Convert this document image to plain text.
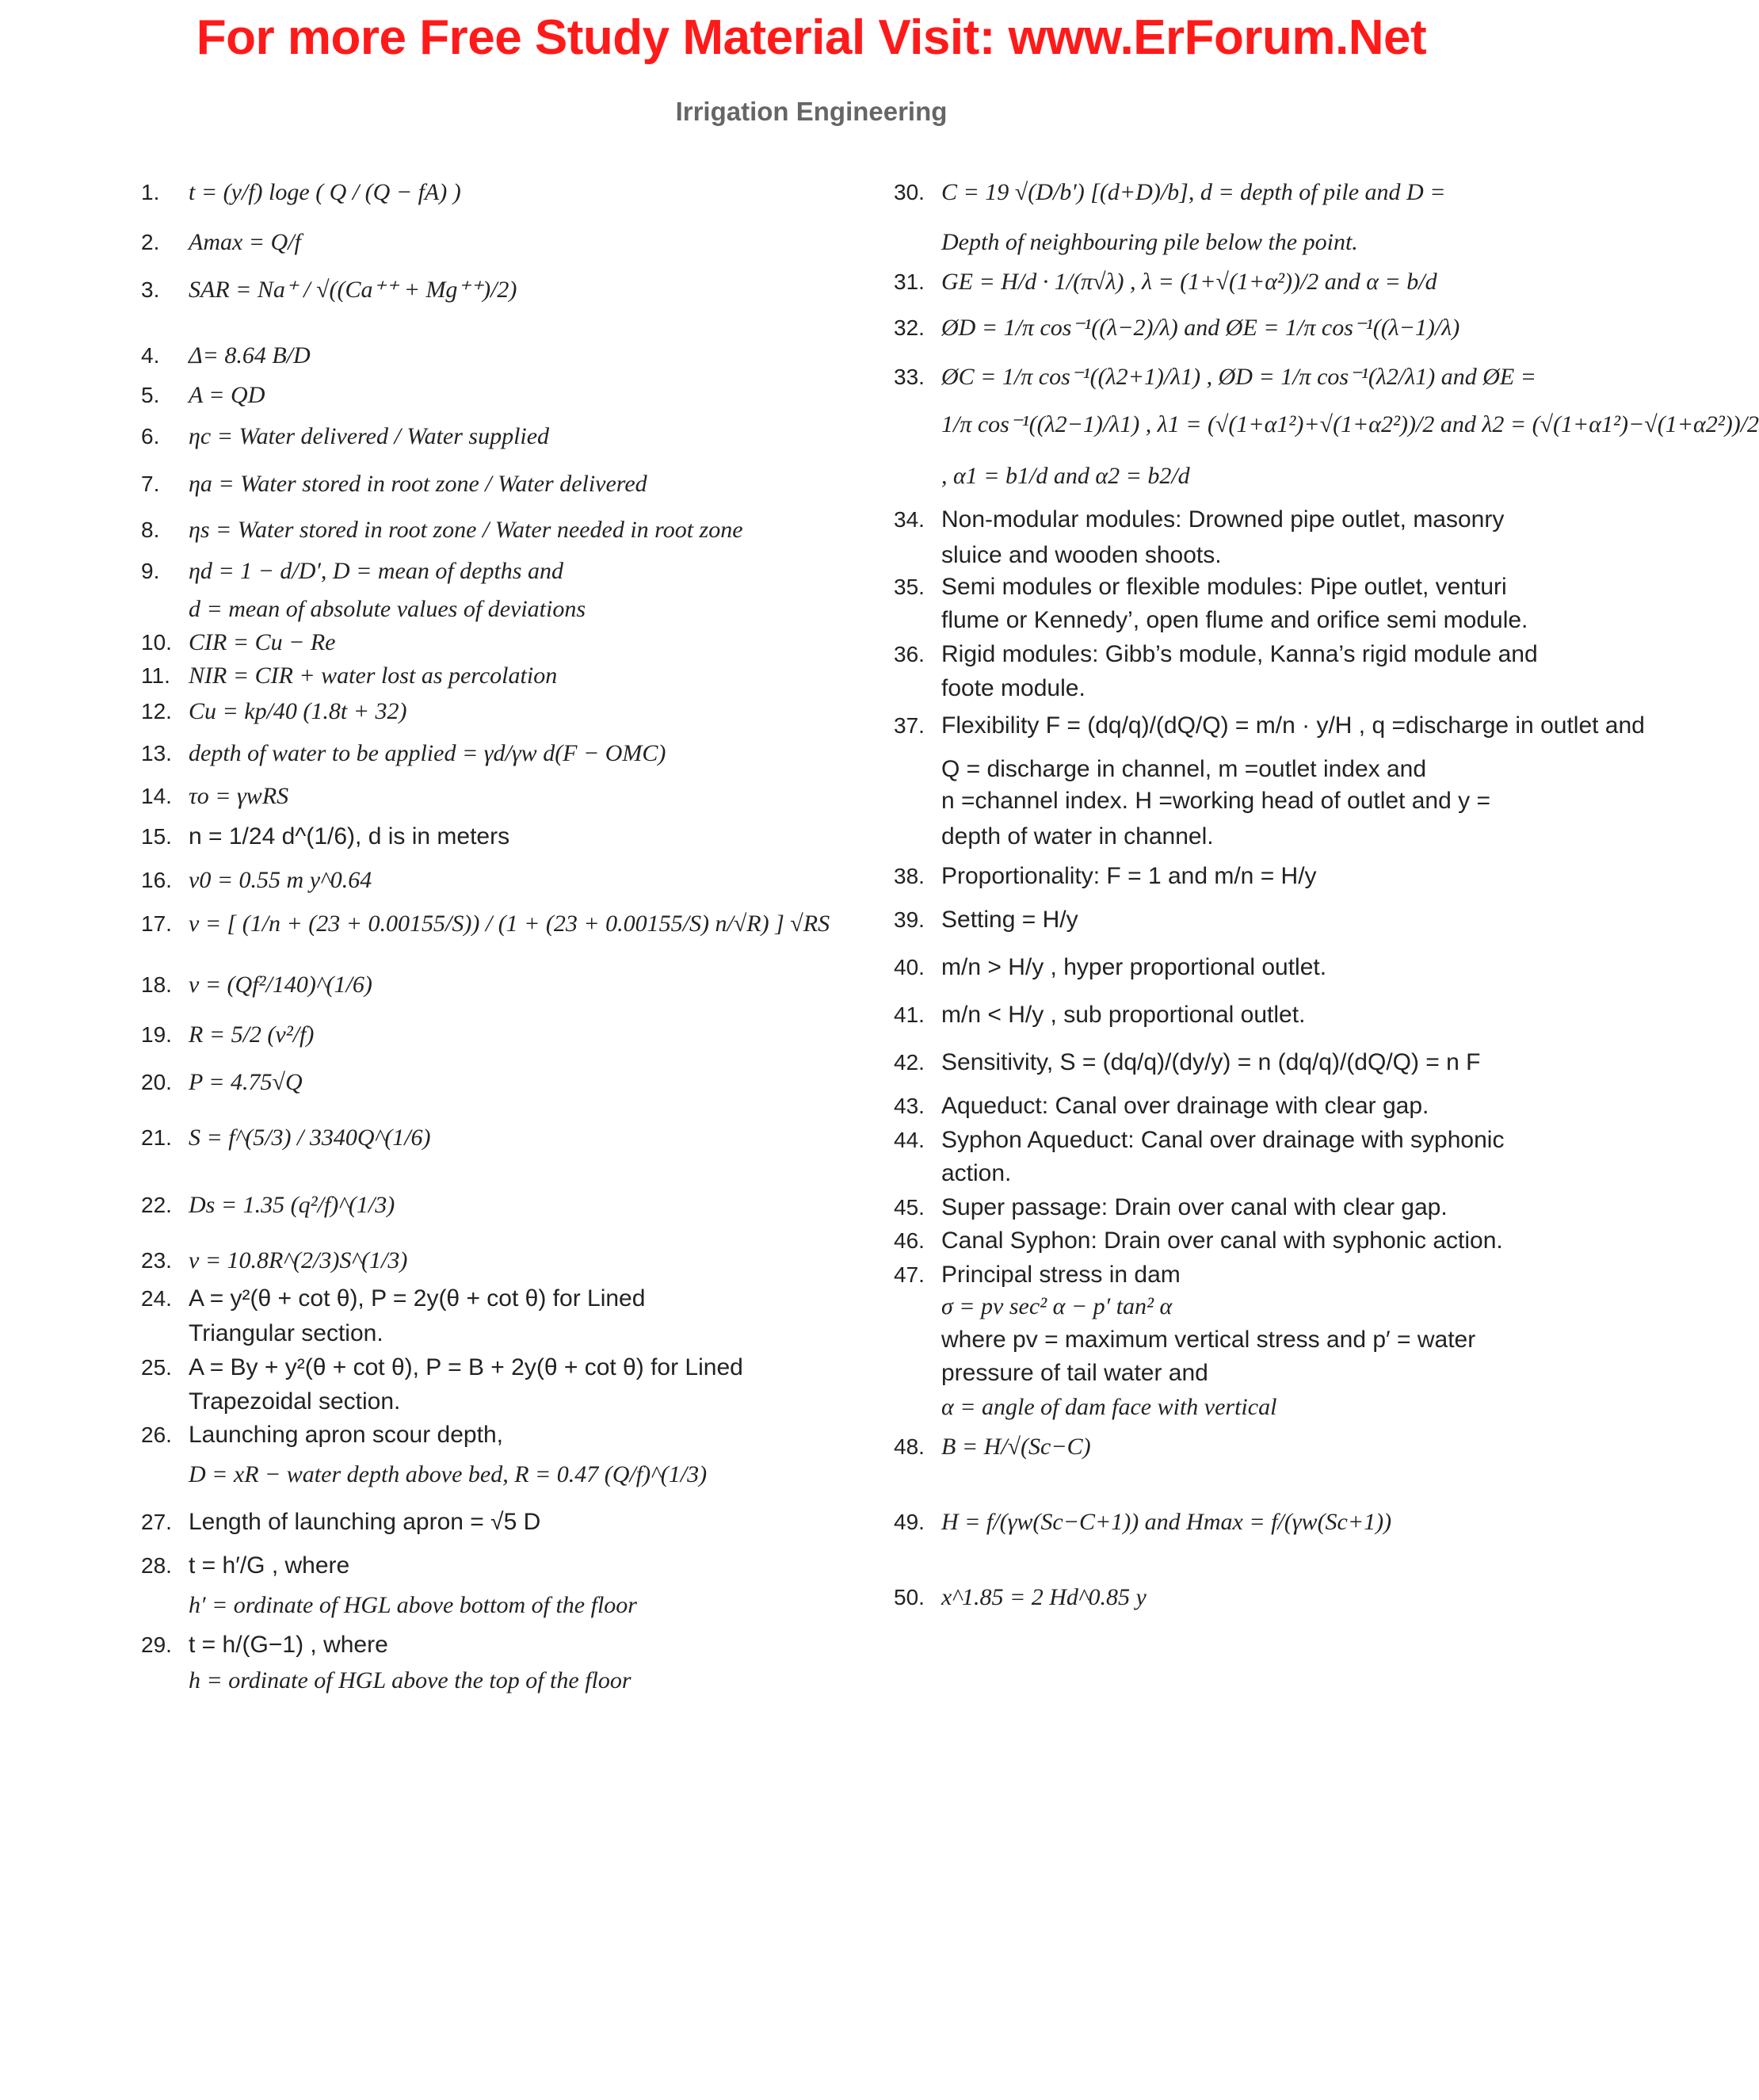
For more Free Study Material Visit: www.ErForum.Net
Irrigation Engineering
1. t = (y/f) loge ( Q / (Q − fA) )
2. Amax = Q/f
3. SAR = Na⁺ / √((Ca⁺⁺ + Mg⁺⁺)/2)
4. Δ= 8.64 B/D
5. A = QD
6. ηc = Water delivered / Water supplied
7. ηa = Water stored in root zone / Water delivered
8. ηs = Water stored in root zone / Water needed in root zone
9. ηd = 1 − d/D′, D = mean of depths and
d = mean of absolute values of deviations
10. CIR = Cu − Re
11. NIR = CIR + water lost as percolation
12. Cu = kp/40 (1.8t + 32)
13. depth of water to be applied = γd/γw d(F − OMC)
14. τo = γwRS
15. n = 1/24 d^(1/6), d is in meters
16. v0 = 0.55 m y^0.64
17. v = [ (1/n + (23 + 0.00155/S)) / (1 + (23 + 0.00155/S) n/√R) ] √RS
18. v = (Qf²/140)^(1/6)
19. R = 5/2 (v²/f)
20. P = 4.75√Q
21. S = f^(5/3) / 3340Q^(1/6)
22. Ds = 1.35 (q²/f)^(1/3)
23. v = 10.8R^(2/3)S^(1/3)
24. A = y²(θ + cot θ), P = 2y(θ + cot θ) for Lined
Triangular section.
25. A = By + y²(θ + cot θ), P = B + 2y(θ + cot θ) for Lined
Trapezoidal section.
26. Launching apron scour depth,
D = xR − water depth above bed, R = 0.47 (Q/f)^(1/3)
27. Length of launching apron = √5 D
28. t = h′/G , where
h′ = ordinate of HGL above bottom of the floor
29. t = h/(G−1) , where
h = ordinate of HGL above the top of the floor
30. C = 19 √(D/b′) [(d+D)/b], d = depth of pile and D =
Depth of neighbouring pile below the point.
31. GE = H/d · 1/(π√λ) , λ = (1+√(1+α²))/2 and α = b/d
32. ØD = 1/π cos⁻¹((λ−2)/λ) and ØE = 1/π cos⁻¹((λ−1)/λ)
33. ØC = 1/π cos⁻¹((λ2+1)/λ1) , ØD = 1/π cos⁻¹(λ2/λ1) and ØE =
1/π cos⁻¹((λ2−1)/λ1) , λ1 = (√(1+α1²)+√(1+α2²))/2 and λ2 = (√(1+α1²)−√(1+α2²))/2
, α1 = b1/d and α2 = b2/d
34. Non-modular modules: Drowned pipe outlet, masonry
sluice and wooden shoots.
35. Semi modules or flexible modules: Pipe outlet, venturi
flume or Kennedy’, open flume and orifice semi module.
36. Rigid modules: Gibb’s module, Kanna’s rigid module and
foote module.
37. Flexibility F = (dq/q)/(dQ/Q) = m/n · y/H , q =discharge in outlet and
Q = discharge in channel, m =outlet index and
n =channel index. H =working head of outlet and y =
depth of water in channel.
38. Proportionality: F = 1 and m/n = H/y
39. Setting = H/y
40. m/n > H/y , hyper proportional outlet.
41. m/n < H/y , sub proportional outlet.
42. Sensitivity, S = (dq/q)/(dy/y) = n (dq/q)/(dQ/Q) = n F
43. Aqueduct: Canal over drainage with clear gap.
44. Syphon Aqueduct: Canal over drainage with syphonic
action.
45. Super passage: Drain over canal with clear gap.
46. Canal Syphon: Drain over canal with syphonic action.
47. Principal stress in dam
σ = pv sec² α − p′ tan² α
where pv = maximum vertical stress and p′ = water
pressure of tail water and
α = angle of dam face with vertical
48. B = H/√(Sc−C)
49. H = f/(γw(Sc−C+1)) and Hmax = f/(γw(Sc+1))
50. x^1.85 = 2 Hd^0.85 y
